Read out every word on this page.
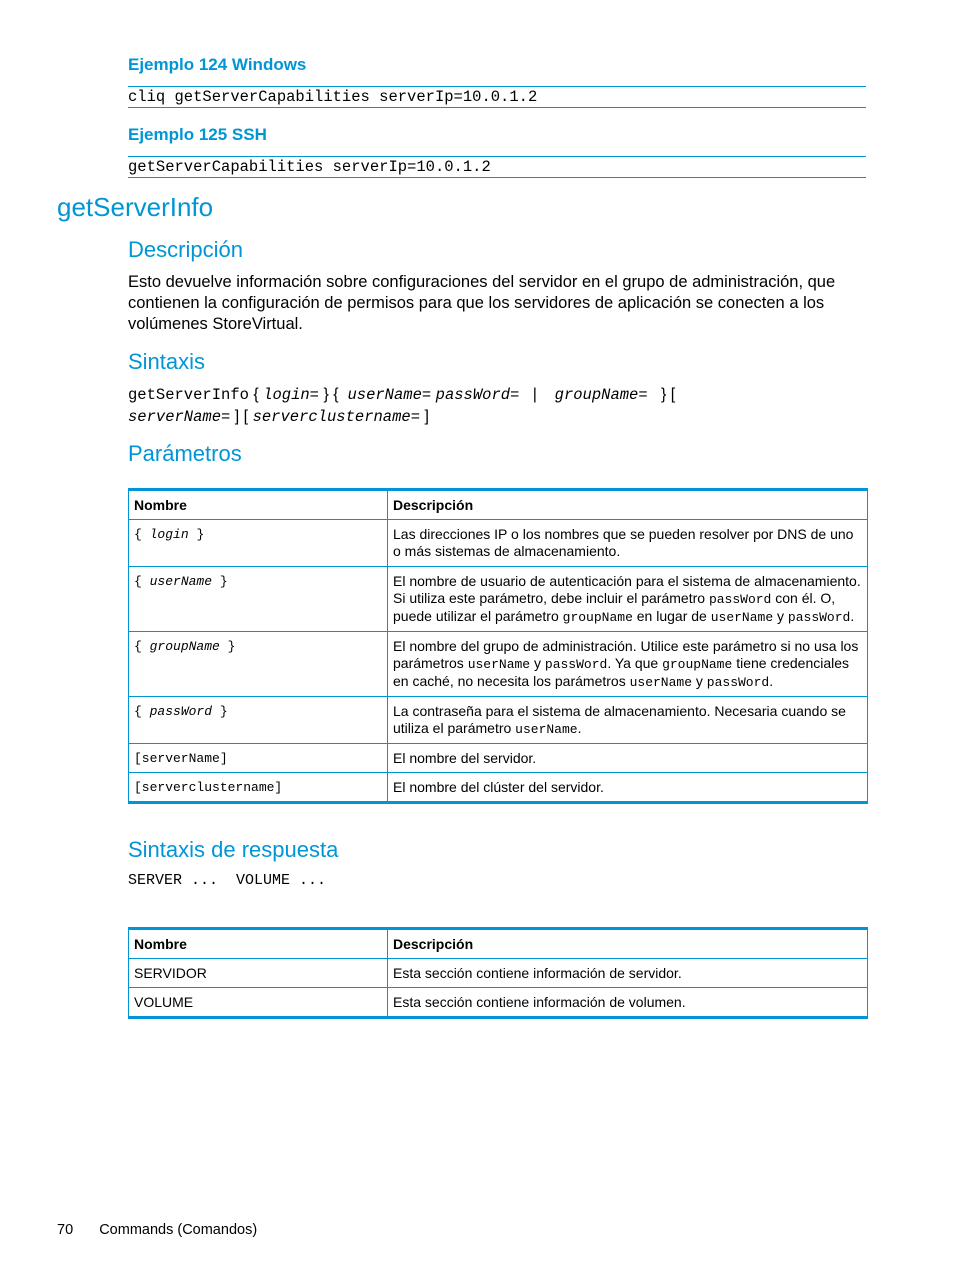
Ejemplo 124 Windows
cliq getServerCapabilities serverIp=10.0.1.2
Ejemplo 125 SSH
getServerCapabilities serverIp=10.0.1.2
getServerInfo
Descripción
Esto devuelve información sobre configuraciones del servidor en el grupo de administración, que contienen la configuración de permisos para que los servidores de aplicación se conecten a los volúmenes StoreVirtual.
Sintaxis
getServerInfo { login= } { userName= passWord= | groupName= } [
serverName= ] [ serverclustername= ]
Parámetros
Nombre	Descripción
{ login }	Las direcciones IP o los nombres que se pueden resolver por DNS de uno o más sistemas de almacenamiento.
{ userName }	El nombre de usuario de autenticación para el sistema de almacenamiento. Si utiliza este parámetro, debe incluir el parámetro passWord con él. O, puede utilizar el parámetro groupName en lugar de userName y passWord.
{ groupName }	El nombre del grupo de administración. Utilice este parámetro si no usa los parámetros userName y passWord. Ya que groupName tiene credenciales en caché, no necesita los parámetros userName y passWord.
{ passWord }	La contraseña para el sistema de almacenamiento. Necesaria cuando se utiliza el parámetro userName.
[serverName]	El nombre del servidor.
[serverclustername]	El nombre del clúster del servidor.
Sintaxis de respuesta
SERVER ...  VOLUME ...
Nombre	Descripción
SERVIDOR	Esta sección contiene información de servidor.
VOLUME	Esta sección contiene información de volumen.
70 Commands (Comandos)
